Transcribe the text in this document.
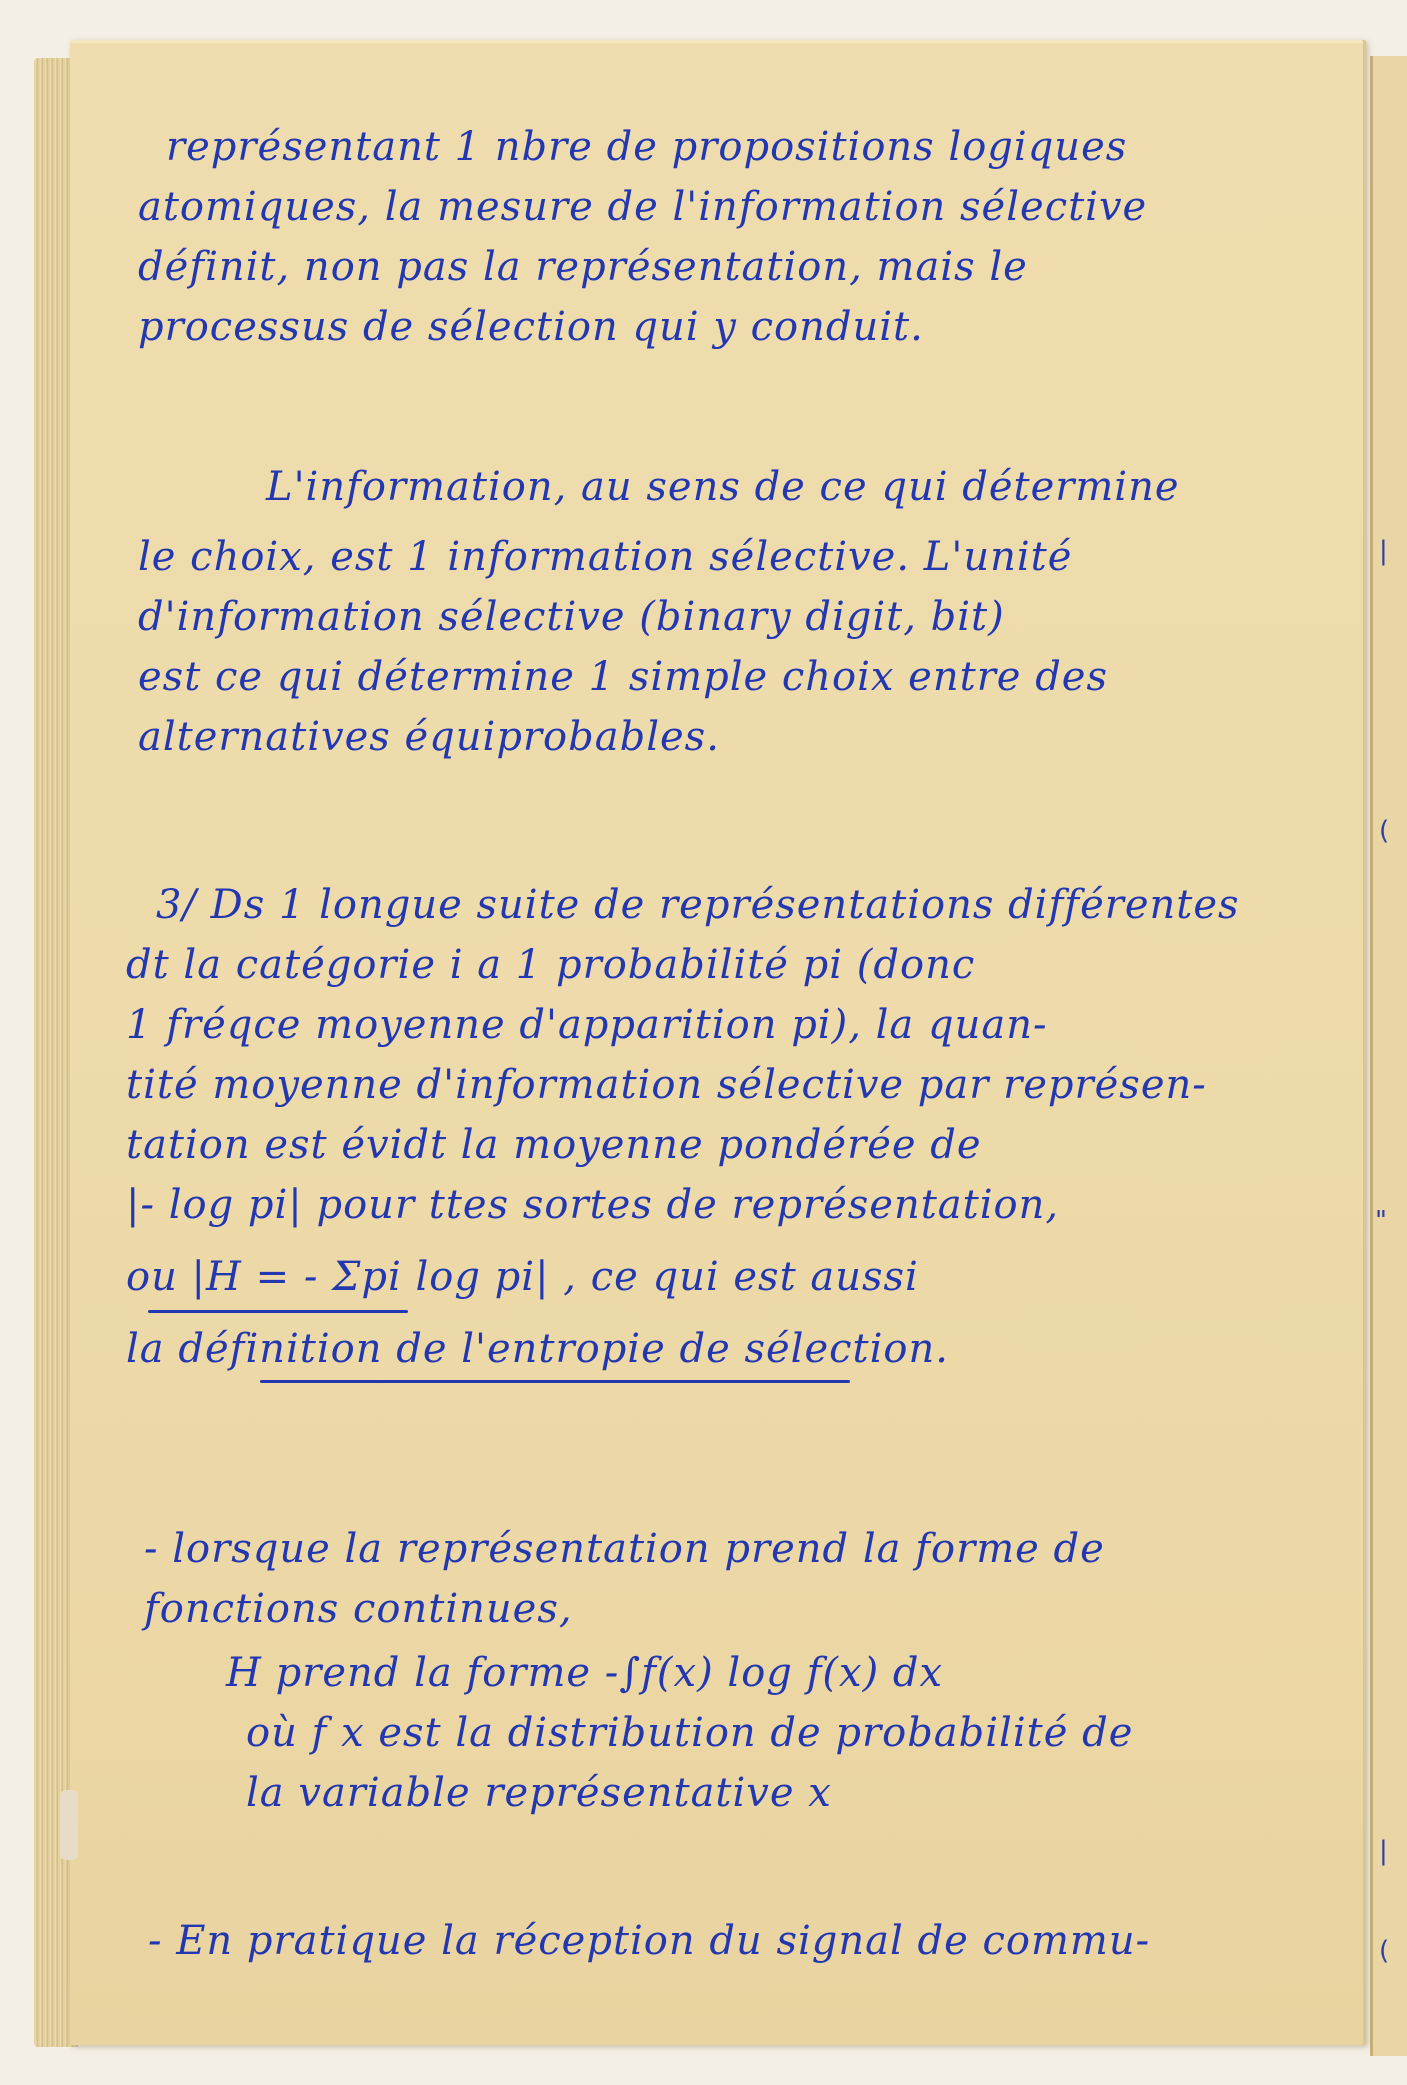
|
(
"
|
(
représentant 1 nbre de propositions logiques
atomiques, la mesure de l'information sélective
définit, non pas la représentation, mais le
processus de sélection qui y conduit.
L'information, au sens de ce qui détermine
le choix, est 1 information sélective. L'unité
d'information sélective (binary digit, bit)
est ce qui détermine 1 simple choix entre des
alternatives équiprobables.
3/ Ds 1 longue suite de représentations différentes
dt la catégorie i a 1 probabilité pi (donc
1 fréqce moyenne d'apparition pi), la quan-
tité moyenne d'information sélective par représen-
tation est évidt la moyenne pondérée de
|- log pi| pour ttes sortes de représentation,
ou |H = - Σpi log pi| , ce qui est aussi
la définition de l'entropie de sélection.
- lorsque la représentation prend la forme de
fonctions continues,
H prend la forme -∫f(x) log f(x) dx
où f x est la distribution de probabilité de
la variable représentative x
- En pratique la réception du signal de commu-
